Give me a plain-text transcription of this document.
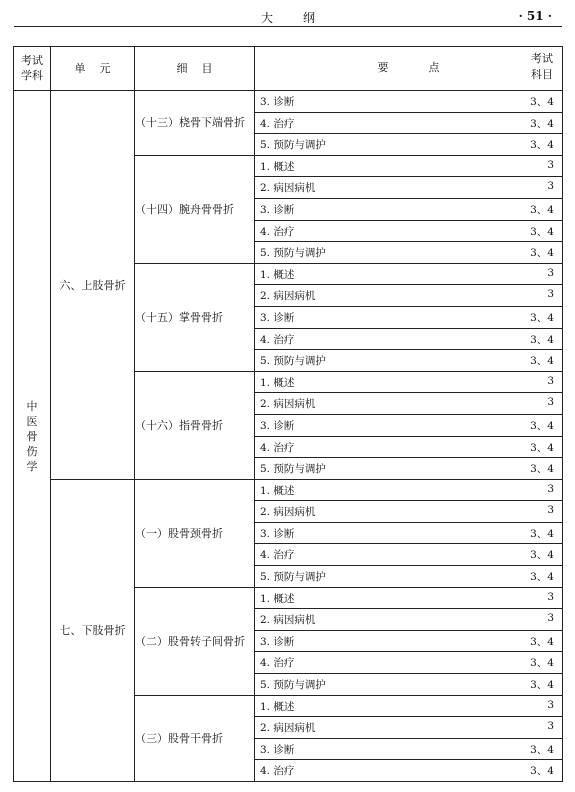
大纲	· 51 ·
考试学科	单元	细目	要点
考试科目

中医骨伤学	六、上肢骨折	（十三）桡骨下端骨折	3. 诊断 3、4

			4. 治疗 3、4

			5. 预防与调护 3、4

		（十四）腕舟骨骨折	1. 概述 3

			2. 病因病机 3

			3. 诊断 3、4

			4. 治疗 3、4

			5. 预防与调护 3、4

		（十五）掌骨骨折	1. 概述 3

			2. 病因病机 3

			3. 诊断 3、4

			4. 治疗 3、4

			5. 预防与调护 3、4

		（十六）指骨骨折	1. 概述 3

			2. 病因病机 3

			3. 诊断 3、4

			4. 治疗 3、4

			5. 预防与调护 3、4

	七、下肢骨折	（一）股骨颈骨折	1. 概述 3

			2. 病因病机 3

			3. 诊断 3、4

			4. 治疗 3、4

			5. 预防与调护 3、4

		（二）股骨转子间骨折	1. 概述 3

			2. 病因病机 3

			3. 诊断 3、4

			4. 治疗 3、4

			5. 预防与调护 3、4

		（三）股骨干骨折	1. 概述 3

			2. 病因病机 3

			3. 诊断 3、4

			4. 治疗 3、4
